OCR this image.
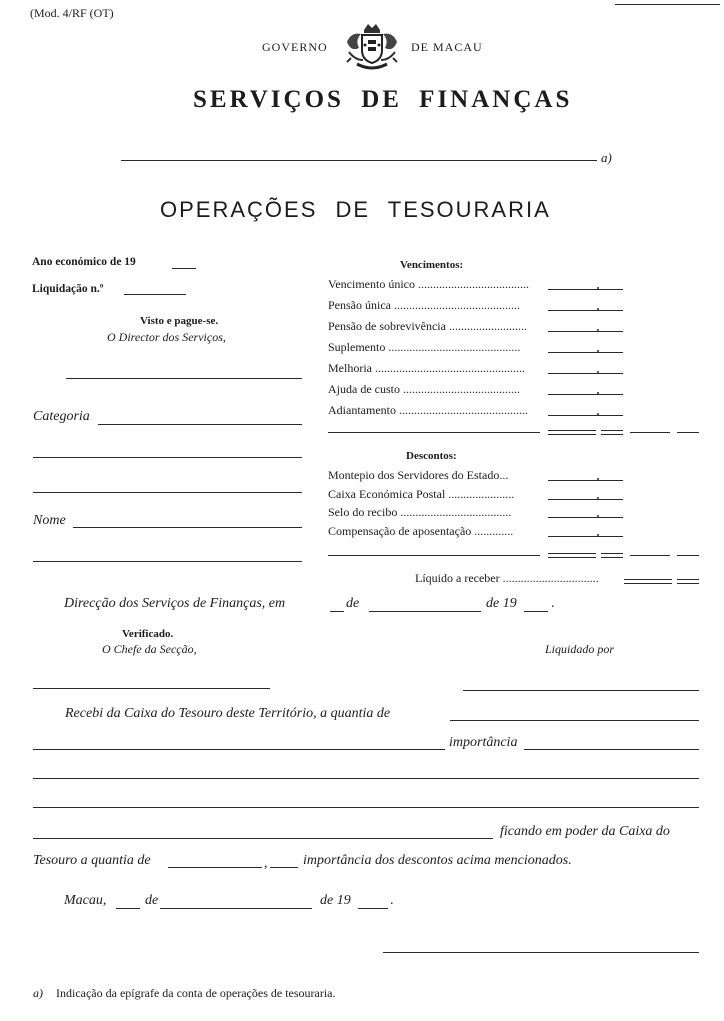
(Mod. 4/RF (OT)
GOVERNO	DE MACAU
SERVIÇOS DE FINANÇAS
a)
OPERAÇÕES DE TESOURARIA
Ano económico de 19
Liquidação n.º
Visto e pague-se.
O Director dos Serviços,
Categoria
Nome
Vencimentos:
Vencimento único .....................................
Pensão única ..........................................
Pensão de sobrevivência ..........................
Suplemento ............................................
Melhoria ..................................................
Ajuda de custo .......................................
Adiantamento ...........................................
Descontos:
Montepio dos Servidores do Estado...
Caixa Económica Postal ......................
Selo do recibo .....................................
Compensação de aposentação .............
Líquido a receber ................................
Direcção dos Serviços de Finanças, em	de	de 19 .
Verificado.
O Chefe da Secção,	Liquidado por
Recebi da Caixa do Tesouro deste Território, a quantia de
importância
ficando em poder da Caixa do
Tesouro a quantia de	,	importância dos descontos acima mencionados.
Macau,	de	de 19	.
a) Indicação da epígrafe da conta de operações de tesouraria.
